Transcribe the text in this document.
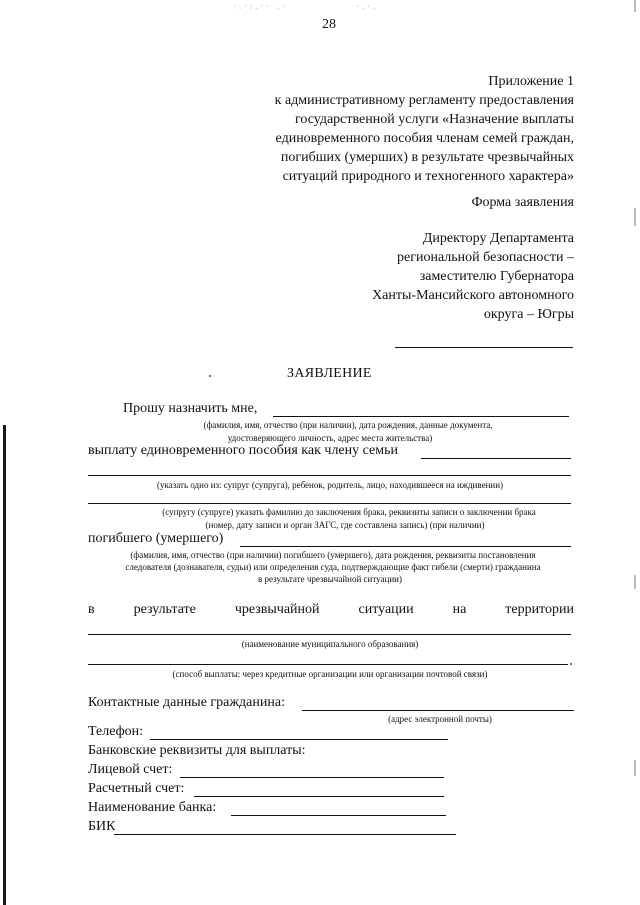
·.·:.·· .·	·.·.
28
Приложение 1
к административному регламенту предоставления
государственной услуги «Назначение выплаты
единовременного пособия членам семей граждан,
погибших (умерших) в результате чрезвычайных
ситуаций природного и техногенного характера»
Форма заявления
Директору Департамента
региональной безопасности –
заместителю Губернатора
Ханты-Мансийского автономного
округа – Югры
ЗАЯВЛЕНИЕ
Прошу назначить мне,
(фамилия, имя, отчество (при наличии), дата рождения, данные документа,
удостоверяющего личность, адрес места жительства)
выплату единовременного пособия как члену семьи
(указать одно из: супруг (супруга), ребенок, родитель, лицо, находившееся на иждивении)
(супругу (супруге) указать фамилию до заключения брака, реквизиты записи о заключении брака
(номер, дату записи и орган ЗАГС, где составлена запись) (при наличии)
погибшего (умершего)
(фамилия, имя, отчество (при наличии) погибшего (умершего), дата рождения, реквизиты постановления
следователя (дознавателя, судьи) или определения суда, подтверждающие факт гибели (смерти) гражданина
в результате чрезвычайной ситуации)
в	результате	чрезвычайной	ситуации	на	территории
(наименование муниципального образования)
(способ выплаты: через кредитные организации или организации почтовой связи)
Контактные данные гражданина:
(адрес электронной почты)
Телефон:
Банковские реквизиты для выплаты:
Лицевой счет:
Расчетный счет:
Наименование банка:
БИК
